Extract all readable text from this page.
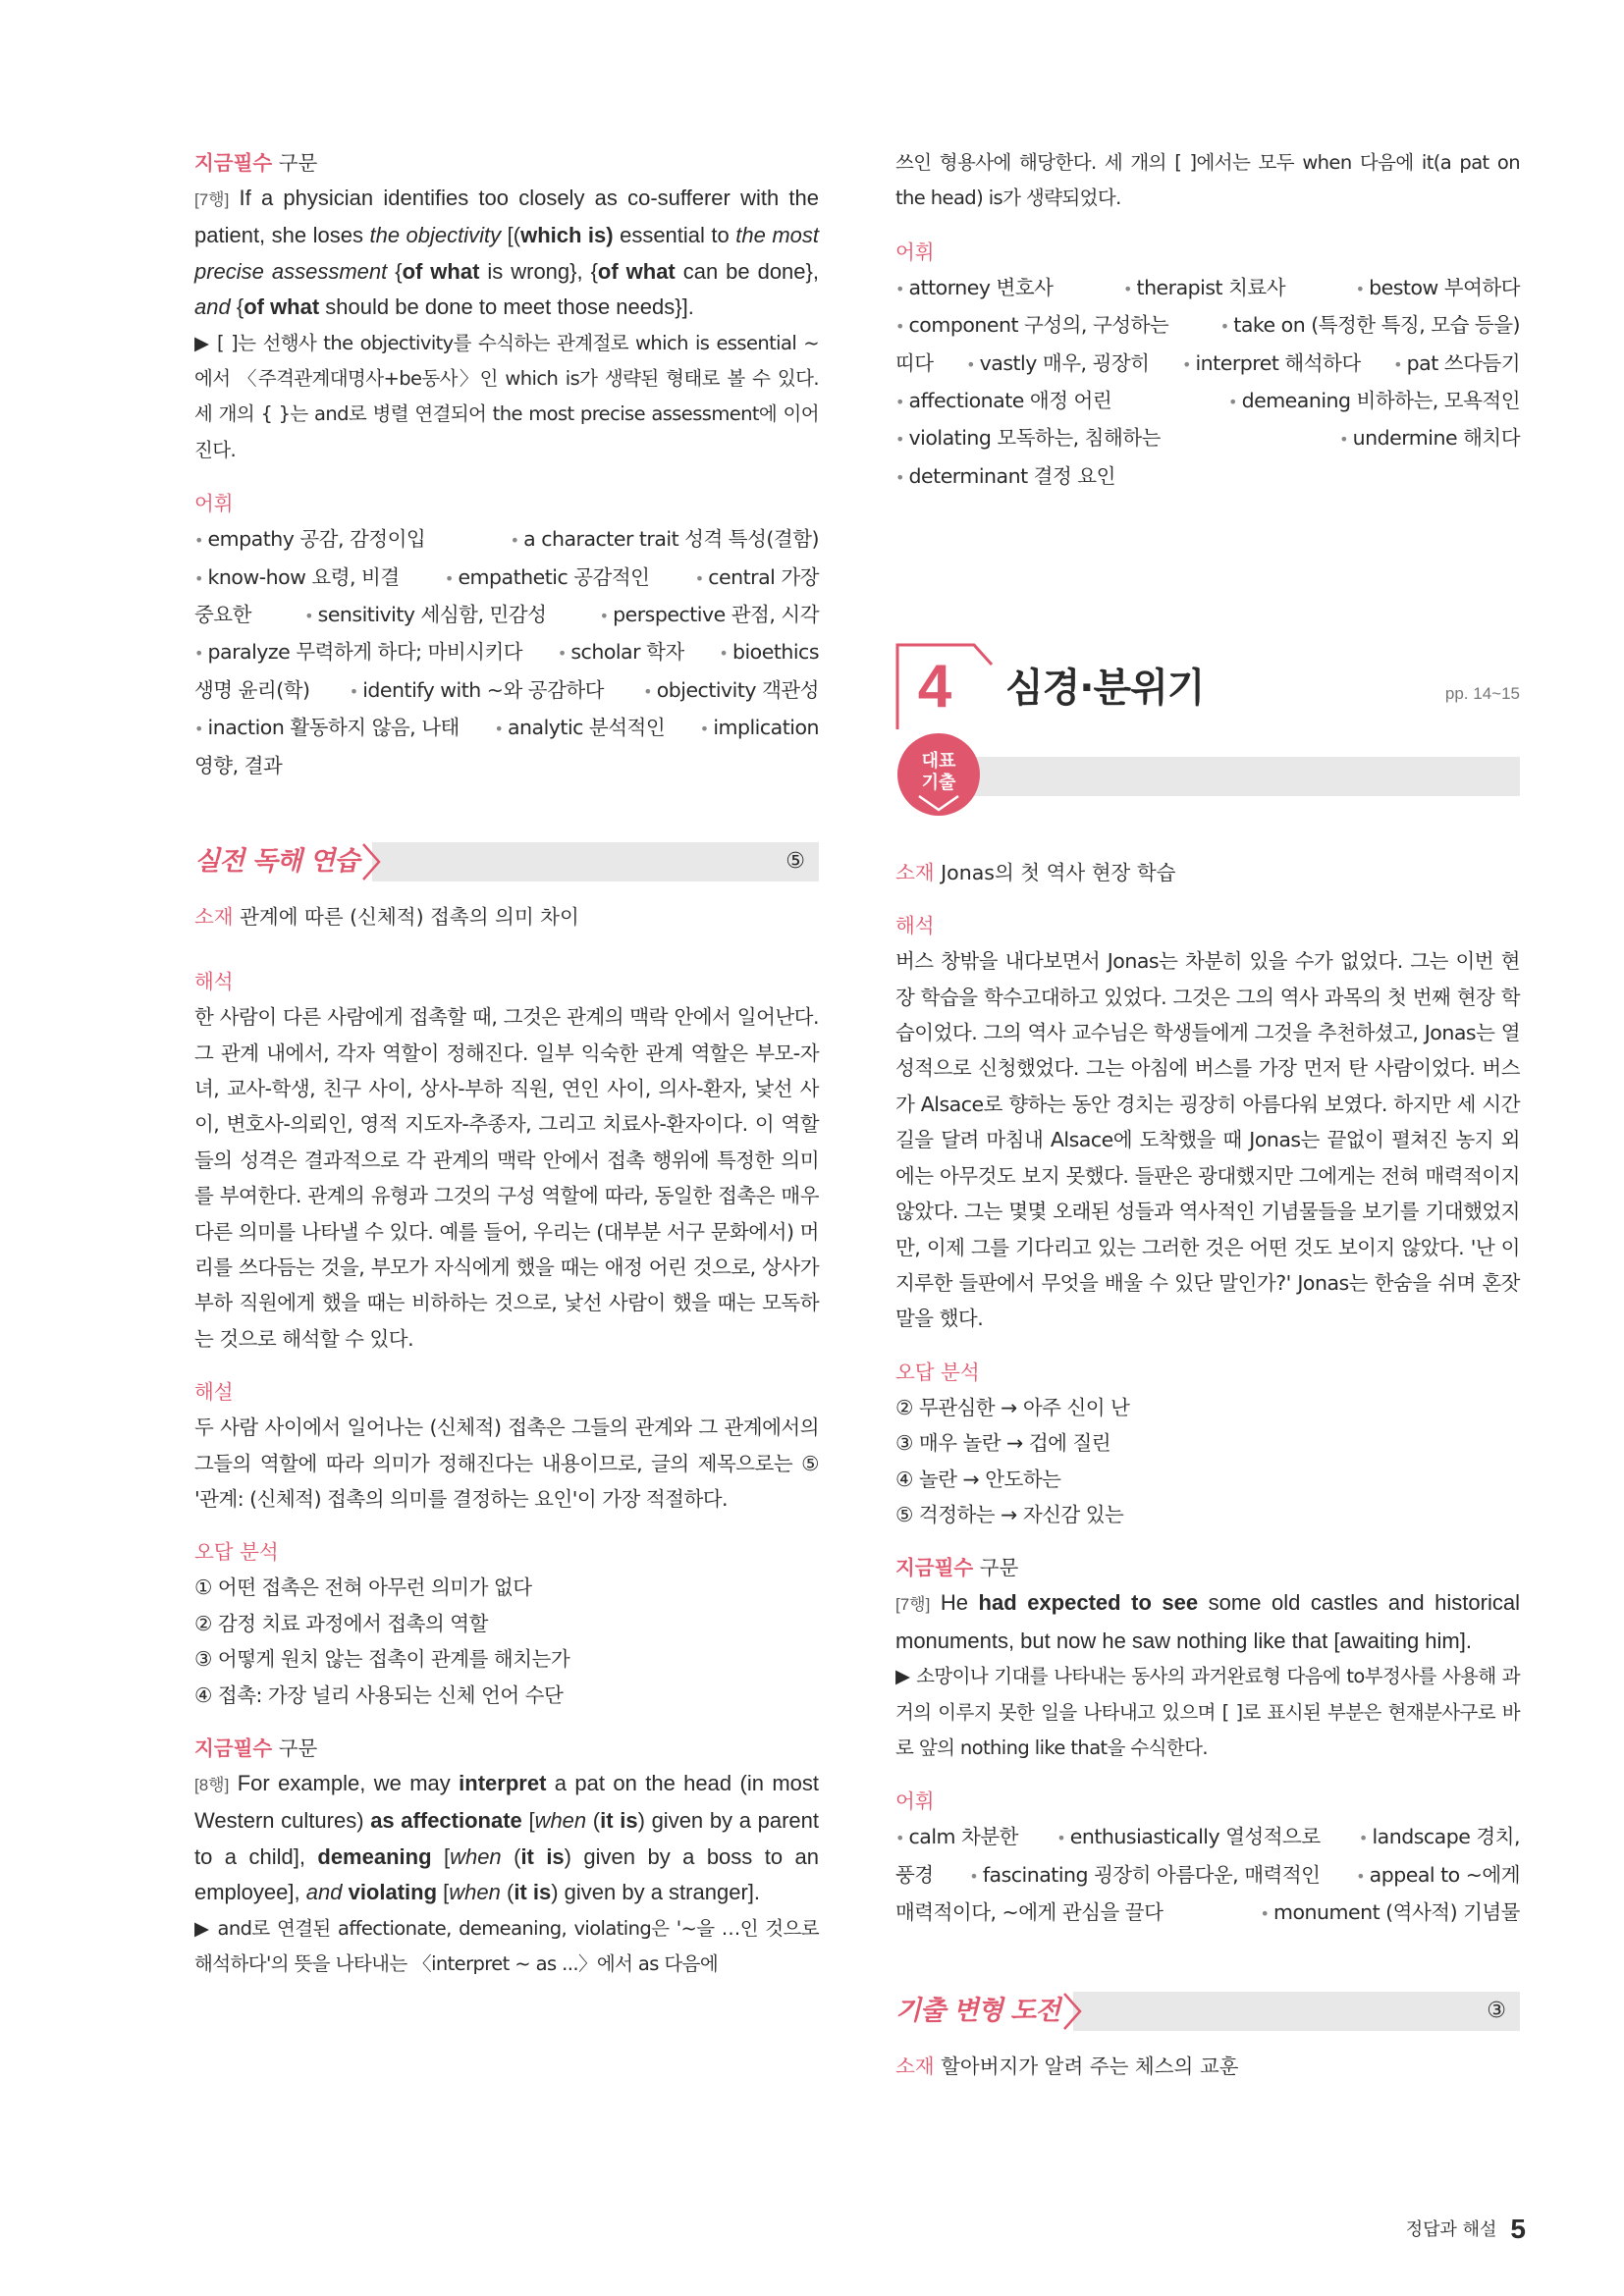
지금필수 구문

[7행] If a physician identifies too closely as co-sufferer with the patient, she loses the objectivity [(which is) essential to the most precise assessment {of what is wrong}, {of what can be done}, and {of what should be done to meet those needs}].

▶ [ ]는 선행사 the objectivity를 수식하는 관계절로 which is essential ~에서 〈주격관계대명사+be동사〉인 which is가 생략된 형태로 볼 수 있다. 세 개의 { }는 and로 병렬 연결되어 the most precise assessment에 이어진다.

어휘

• empathy 공감, 감정이입	• a character trait 성격 특성(결함)

• know-how 요령, 비결	• empathetic 공감적인	• central 가장

중요한	• sensitivity 세심함, 민감성	• perspective 관점, 시각

• paralyze 무력하게 하다; 마비시키다 • scholar 학자 • bioethics

생명 윤리(학)	• identify with ~와 공감하다	• objectivity 객관성

• inaction 활동하지 않음, 나태 • analytic 분석적인 • implication

영향, 결과

실전 독해 연습	⑤

소재 관계에 따른 (신체적) 접촉의 의미 차이

해석

한 사람이 다른 사람에게 접촉할 때, 그것은 관계의 맥락 안에서 일어난다. 그 관계 내에서, 각자 역할이 정해진다. 일부 익숙한 관계 역할은 부모-자녀, 교사-학생, 친구 사이, 상사-부하 직원, 연인 사이, 의사-환자, 낯선 사이, 변호사-의뢰인, 영적 지도자-추종자, 그리고 치료사-환자이다. 이 역할들의 성격은 결과적으로 각 관계의 맥락 안에서 접촉 행위에 특정한 의미를 부여한다. 관계의 유형과 그것의 구성 역할에 따라, 동일한 접촉은 매우 다른 의미를 나타낼 수 있다. 예를 들어, 우리는 (대부분 서구 문화에서) 머리를 쓰다듬는 것을, 부모가 자식에게 했을 때는 애정 어린 것으로, 상사가 부하 직원에게 했을 때는 비하하는 것으로, 낯선 사람이 했을 때는 모독하는 것으로 해석할 수 있다.

해설

두 사람 사이에서 일어나는 (신체적) 접촉은 그들의 관계와 그 관계에서의 그들의 역할에 따라 의미가 정해진다는 내용이므로, 글의 제목으로는 ⑤ '관계: (신체적) 접촉의 의미를 결정하는 요인'이 가장 적절하다.

오답 분석

① 어떤 접촉은 전혀 아무런 의미가 없다

② 감정 치료 과정에서 접촉의 역할

③ 어떻게 원치 않는 접촉이 관계를 해치는가

④ 접촉: 가장 널리 사용되는 신체 언어 수단

지금필수 구문

[8행] For example, we may interpret a pat on the head (in most Western cultures) as affectionate [when (it is) given by a parent to a child], demeaning [when (it is) given by a boss to an employee], and violating [when (it is) given by a stranger].

▶ and로 연결된 affectionate, demeaning, violating은 '~을 …인 것으로 해석하다'의 뜻을 나타내는 〈interpret ~ as ...〉에서 as 다음에

쓰인 형용사에 해당한다. 세 개의 [ ]에서는 모두 when 다음에 it(a pat on the head) is가 생략되었다.

어휘

• attorney 변호사	• therapist 치료사	• bestow 부여하다

• component 구성의, 구성하는	• take on (특정한 특징, 모습 등을)

띠다 • vastly 매우, 굉장히 • interpret 해석하다 • pat 쓰다듬기

• affectionate 애정 어린	• demeaning 비하하는, 모욕적인

• violating 모독하는, 침해하는	• undermine 해치다

• determinant 결정 요인

4	심경·분위기	pp. 14~15
대표
기출

소재 Jonas의 첫 역사 현장 학습

해석

버스 창밖을 내다보면서 Jonas는 차분히 있을 수가 없었다. 그는 이번 현장 학습을 학수고대하고 있었다. 그것은 그의 역사 과목의 첫 번째 현장 학습이었다. 그의 역사 교수님은 학생들에게 그것을 추천하셨고, Jonas는 열성적으로 신청했었다. 그는 아침에 버스를 가장 먼저 탄 사람이었다. 버스가 Alsace로 향하는 동안 경치는 굉장히 아름다워 보였다. 하지만 세 시간 길을 달려 마침내 Alsace에 도착했을 때 Jonas는 끝없이 펼쳐진 농지 외에는 아무것도 보지 못했다. 들판은 광대했지만 그에게는 전혀 매력적이지 않았다. 그는 몇몇 오래된 성들과 역사적인 기념물들을 보기를 기대했었지만, 이제 그를 기다리고 있는 그러한 것은 어떤 것도 보이지 않았다. '난 이 지루한 들판에서 무엇을 배울 수 있단 말인가?' Jonas는 한숨을 쉬며 혼잣말을 했다.

오답 분석

② 무관심한 → 아주 신이 난

③ 매우 놀란 → 겁에 질린

④ 놀란 → 안도하는

⑤ 걱정하는 → 자신감 있는

지금필수 구문

[7행] He had expected to see some old castles and historical monuments, but now he saw nothing like that [awaiting him].

▶ 소망이나 기대를 나타내는 동사의 과거완료형 다음에 to부정사를 사용해 과거의 이루지 못한 일을 나타내고 있으며 [ ]로 표시된 부분은 현재분사구로 바로 앞의 nothing like that을 수식한다.

어휘

• calm 차분한 • enthusiastically 열성적으로 • landscape 경치,

풍경 • fascinating 굉장히 아름다운, 매력적인 • appeal to ~에게

매력적이다, ~에게 관심을 끌다	• monument (역사적) 기념물

기출 변형 도전	③

소재 할아버지가 알려 주는 체스의 교훈

정답과 해설 5
